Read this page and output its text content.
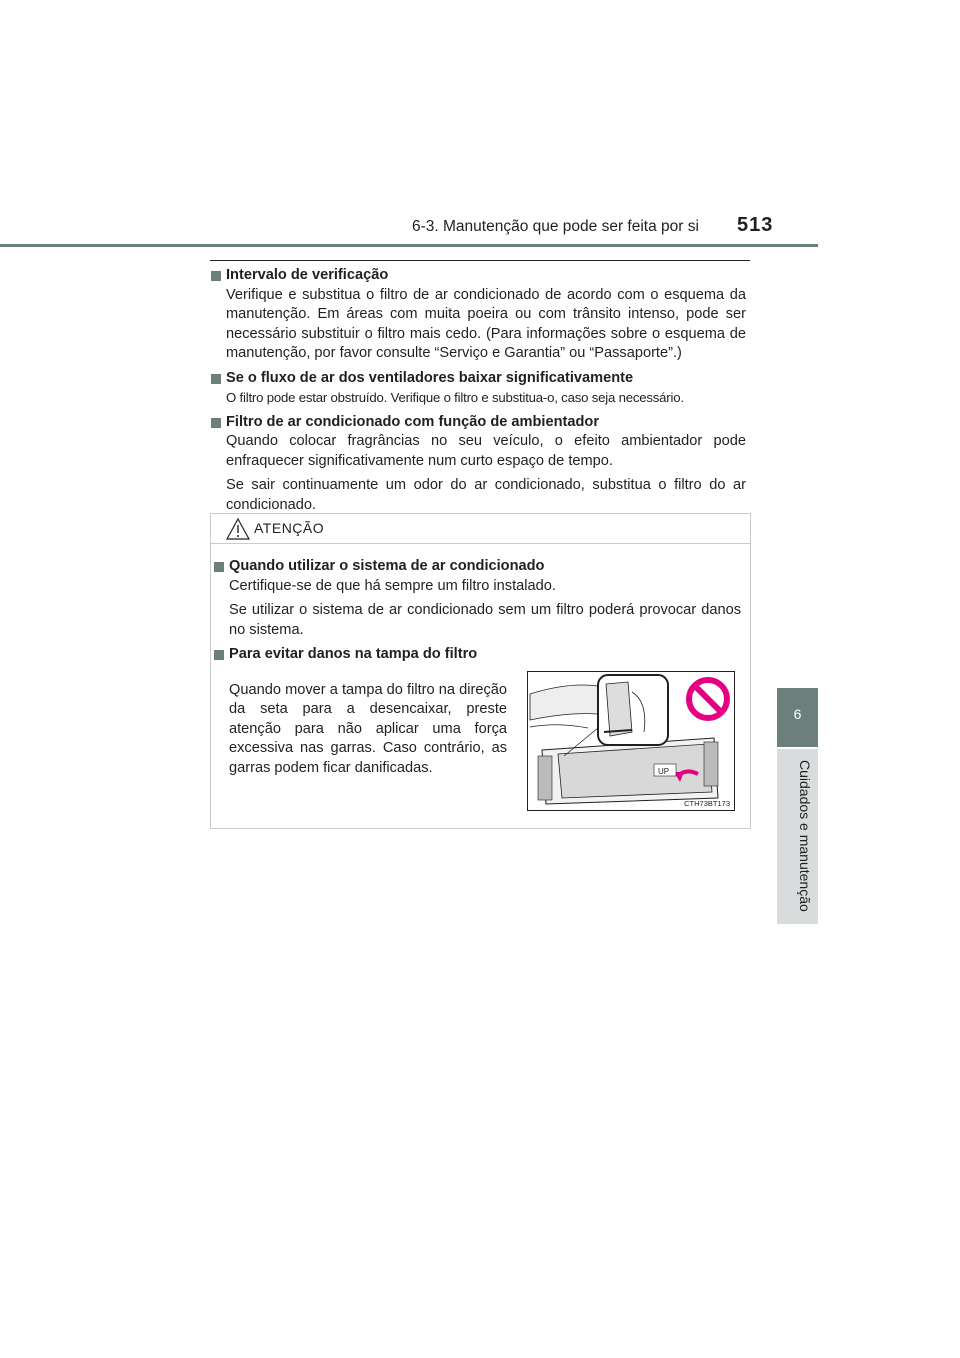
6-3. Manutenção que pode ser feita por si 513
6
Cuidados e manutenção

Intervalo de verificação

Verifique e substitua o filtro de ar condicionado de acordo com o esquema da manutenção. Em áreas com muita poeira ou com trânsito intenso, pode ser necessário substituir o filtro mais cedo. (Para informações sobre o esquema de manutenção, por favor consulte “Serviço e Garantia” ou “Passaporte”.)

Se o fluxo de ar dos ventiladores baixar significativamente

O filtro pode estar obstruído. Verifique o filtro e substitua-o, caso seja necessário.

Filtro de ar condicionado com função de ambientador

Quando colocar fragrâncias no seu veículo, o efeito ambientador pode enfraquecer significativamente num curto espaço de tempo.

Se sair continuamente um odor do ar condicionado, substitua o filtro do ar condicionado.

ATENÇÃO

Quando utilizar o sistema de ar condicionado

Certifique-se de que há sempre um filtro instalado.

Se utilizar o sistema de ar condicionado sem um filtro poderá provocar danos no sistema.

Para evitar danos na tampa do filtro

Quando mover a tampa do filtro na direção da seta para a desencaixar, preste atenção para não aplicar uma força excessiva nas garras. Caso contrário, as garras podem ficar danificadas.	UP
CTH73BT173
